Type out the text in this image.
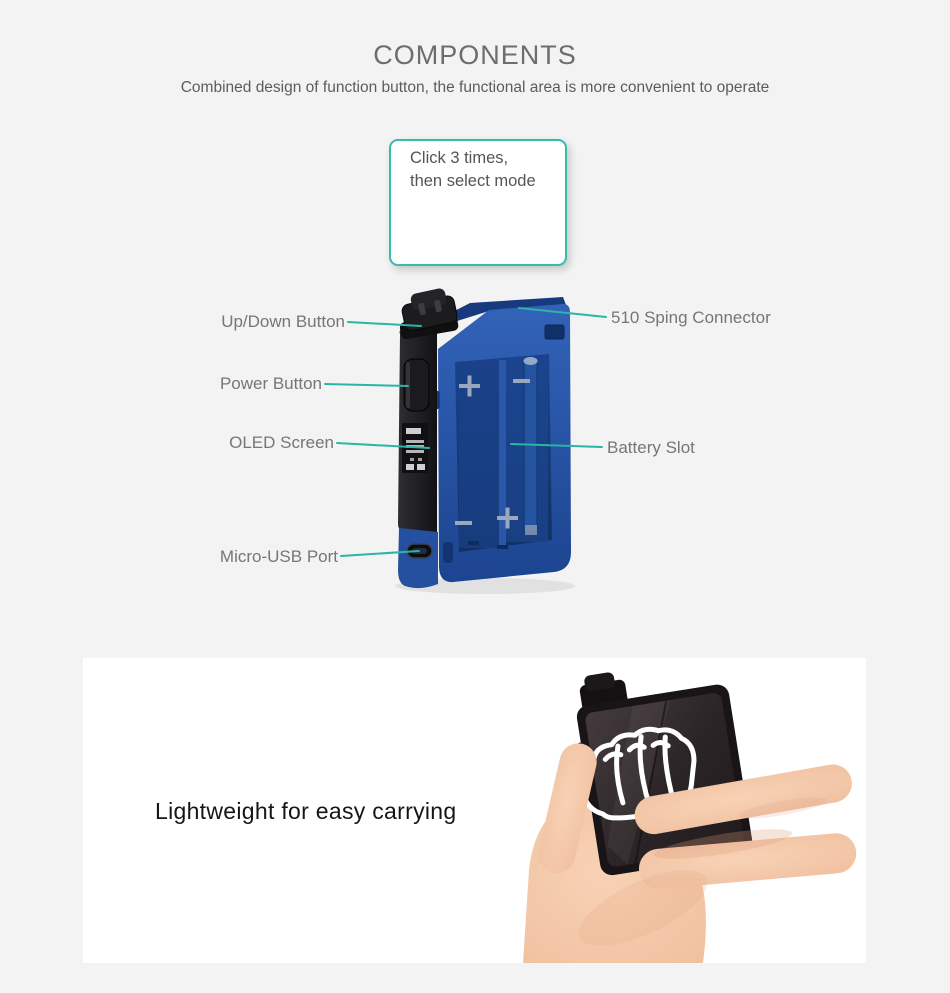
COMPONENTS
Combined design of function button, the functional area is more convenient to operate
Click 3 times,
then select mode
Up/Down Button
Power Button
OLED Screen
Micro-USB Port
510 Sping Connector
Battery Slot
Lightweight for easy carrying
